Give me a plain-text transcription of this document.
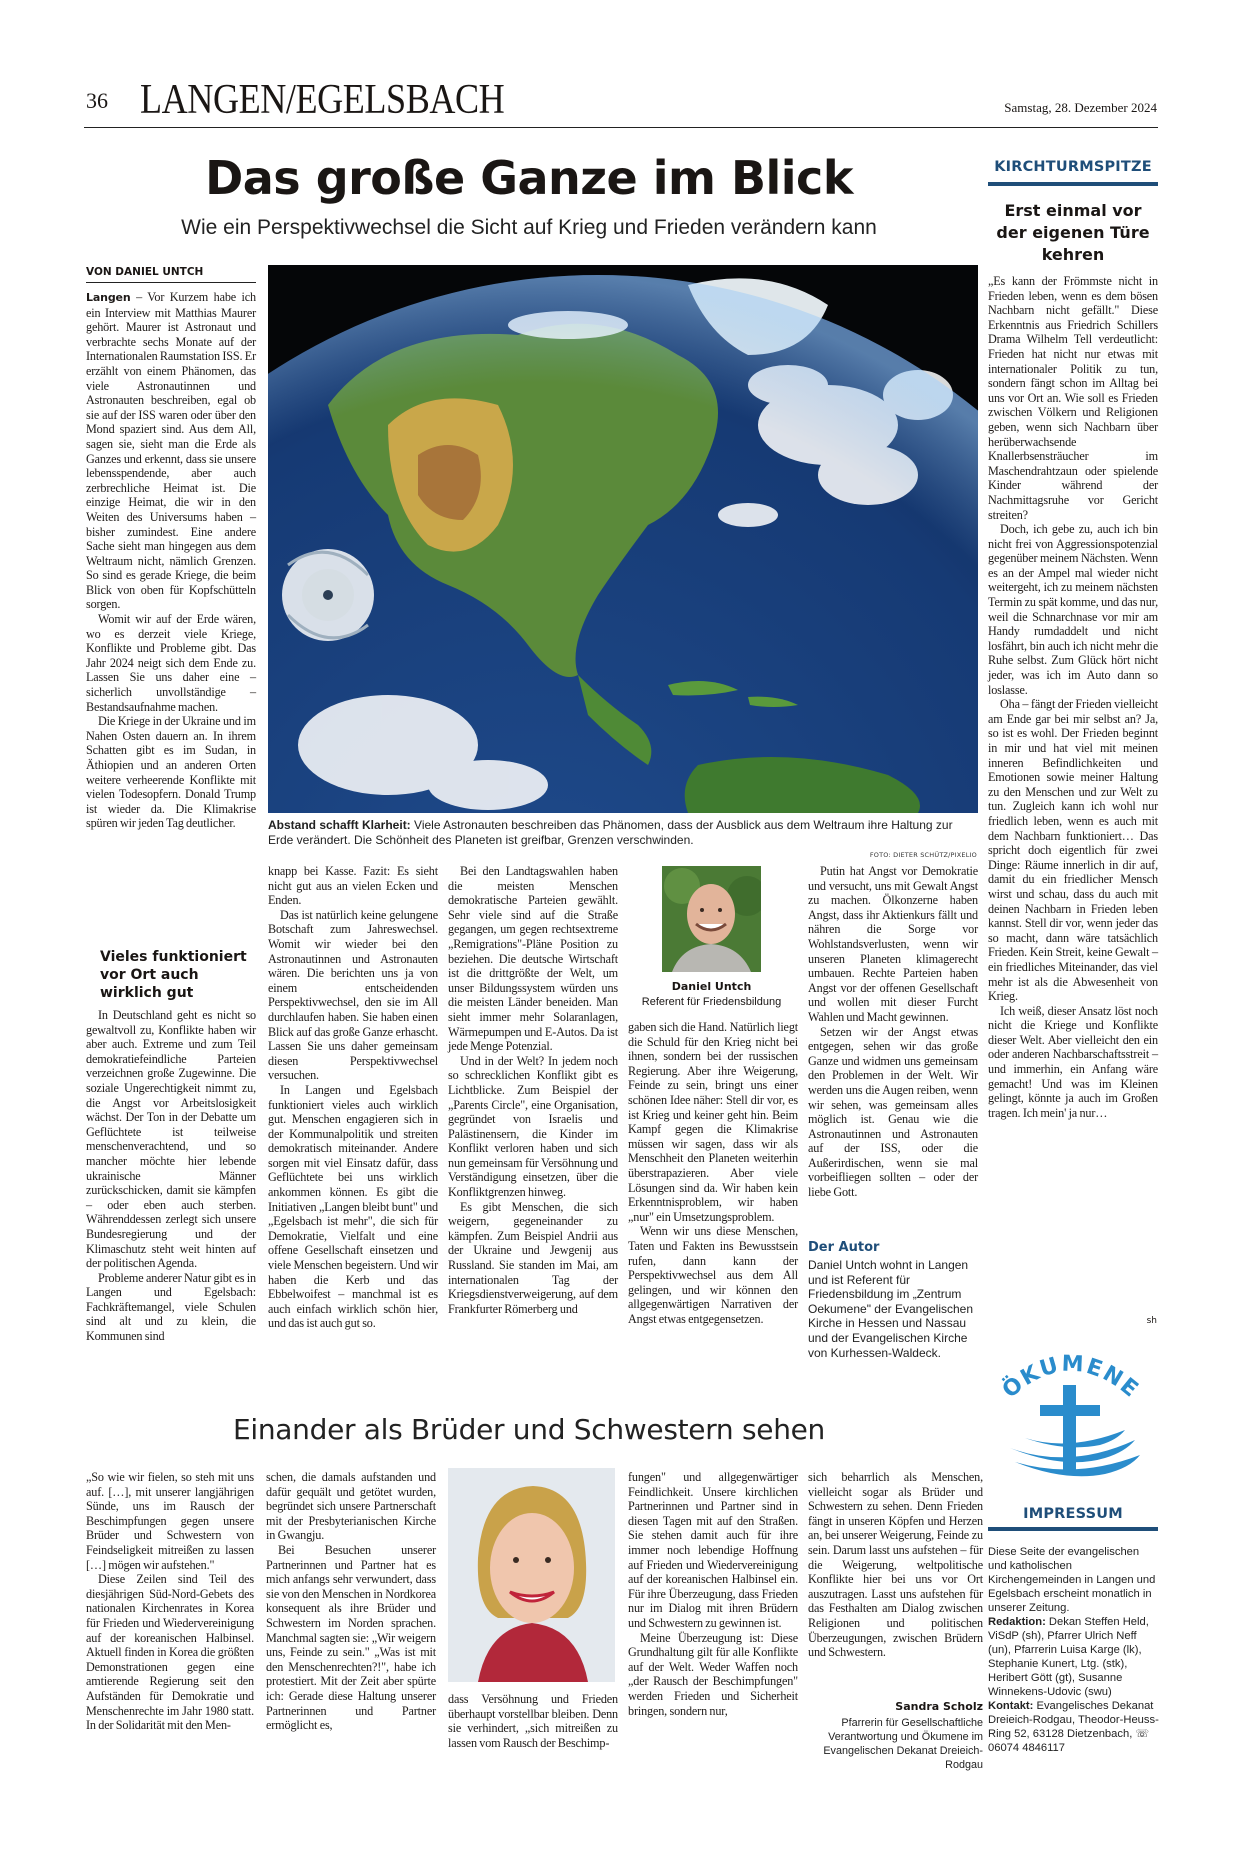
36 LANGEN/EGELSBACH	Samstag, 28. Dezember 2024
Das große Ganze im Blick
Wie ein Perspektivwechsel die Sicht auf Krieg und Frieden verändern kann
VON DANIEL UNTCH

Langen – Vor Kurzem habe ich ein Interview mit Matthias Maurer gehört. Maurer ist Astronaut und verbrachte sechs Monate auf der Internationalen Raumstation ISS. Er erzählt von einem Phänomen, das viele Astronautinnen und Astronauten beschreiben, egal ob sie auf der ISS waren oder über den Mond spaziert sind. Aus dem All, sagen sie, sieht man die Erde als Ganzes und erkennt, dass sie unsere lebensspendende, aber auch zerbrechliche Heimat ist. Die einzige Heimat, die wir in den Weiten des Universums haben – bisher zumindest. Eine andere Sache sieht man hingegen aus dem Weltraum nicht, nämlich Grenzen. So sind es gerade Kriege, die beim Blick von oben für Kopfschütteln sorgen.

Womit wir auf der Erde wären, wo es derzeit viele Kriege, Konflikte und Probleme gibt. Das Jahr 2024 neigt sich dem Ende zu. Lassen Sie uns daher eine – sicherlich unvollständige – Bestandsaufnahme machen.

Die Kriege in der Ukraine und im Nahen Osten dauern an. In ihrem Schatten gibt es im Sudan, in Äthiopien und an anderen Orten weitere verheerende Konflikte mit vielen Todesopfern. Donald Trump ist wieder da. Die Klimakrise spüren wir jeden Tag deutlicher.

Vieles funktioniert vor Ort auch wirklich gut

In Deutschland geht es nicht so gewaltvoll zu, Konflikte haben wir aber auch. Extreme und zum Teil demokratiefeindliche Parteien verzeichnen große Zugewinne. Die soziale Ungerechtigkeit nimmt zu, die Angst vor Arbeitslosigkeit wächst. Der Ton in der Debatte um Geflüchtete ist teilweise menschenverachtend, und so mancher möchte hier lebende ukrainische Männer zurückschicken, damit sie kämpfen – oder eben auch sterben. Währenddessen zerlegt sich unsere Bundesregierung und der Klimaschutz steht weit hinten auf der politischen Agenda.

Probleme anderer Natur gibt es in Langen und Egelsbach: Fachkräftemangel, viele Schulen sind alt und zu klein, die Kommunen sind

Abstand schafft Klarheit: Viele Astronauten beschreiben das Phänomen, dass der Ausblick aus dem Weltraum ihre Haltung zur Erde verändert. Die Schönheit des Planeten ist greifbar, Grenzen verschwinden.
FOTO: DIETER SCHÜTZ/PIXELIO

knapp bei Kasse. Fazit: Es sieht nicht gut aus an vielen Ecken und Enden.

Das ist natürlich keine gelungene Botschaft zum Jahreswechsel. Womit wir wieder bei den Astronautinnen und Astronauten wären. Die berichten uns ja von einem entscheidenden Perspektivwechsel, den sie im All durchlaufen haben. Sie haben einen Blick auf das große Ganze erhascht. Lassen Sie uns daher gemeinsam diesen Perspektivwechsel versuchen.

In Langen und Egelsbach funktioniert vieles auch wirklich gut. Menschen engagieren sich in der Kommunalpolitik und streiten demokratisch miteinander. Andere sorgen mit viel Einsatz dafür, dass Geflüchtete bei uns wirklich ankommen können. Es gibt die Initiativen „Langen bleibt bunt" und „Egelsbach ist mehr", die sich für Demokratie, Vielfalt und eine offene Gesellschaft einsetzen und viele Menschen begeistern. Und wir haben die Kerb und das Ebbelwoifest – manchmal ist es auch einfach wirklich schön hier, und das ist auch gut so.

Bei den Landtagswahlen haben die meisten Menschen demokratische Parteien gewählt. Sehr viele sind auf die Straße gegangen, um gegen rechtsextreme „Remigrations"-Pläne Position zu beziehen. Die deutsche Wirtschaft ist die drittgrößte der Welt, um unser Bildungssystem würden uns die meisten Länder beneiden. Man sieht immer mehr Solaranlagen, Wärmepumpen und E-Autos. Da ist jede Menge Potenzial.

Und in der Welt? In jedem noch so schrecklichen Konflikt gibt es Lichtblicke. Zum Beispiel der „Parents Circle", eine Organisation, gegründet von Israelis und Palästinensern, die Kinder im Konflikt verloren haben und sich nun gemeinsam für Versöhnung und Verständigung einsetzen, über die Konfliktgrenzen hinweg.

Es gibt Menschen, die sich weigern, gegeneinander zu kämpfen. Zum Beispiel Andrii aus der Ukraine und Jewgenij aus Russland. Sie standen im Mai, am internationalen Tag der Kriegsdienstverweigerung, auf dem Frankfurter Römerberg und

Daniel Untch
Referent für Friedensbildung

gaben sich die Hand. Natürlich liegt die Schuld für den Krieg nicht bei ihnen, sondern bei der russischen Regierung. Aber ihre Weigerung, Feinde zu sein, bringt uns einer schönen Idee näher: Stell dir vor, es ist Krieg und keiner geht hin. Beim Kampf gegen die Klimakrise müssen wir sagen, dass wir als Menschheit den Planeten weiterhin überstrapazieren. Aber viele Lösungen sind da. Wir haben kein Erkenntnisproblem, wir haben „nur" ein Umsetzungsproblem.

Wenn wir uns diese Menschen, Taten und Fakten ins Bewusstsein rufen, dann kann der Perspektivwechsel aus dem All gelingen, und wir können den allgegenwärtigen Narrativen der Angst etwas entgegensetzen.

Putin hat Angst vor Demokratie und versucht, uns mit Gewalt Angst zu machen. Ölkonzerne haben Angst, dass ihr Aktienkurs fällt und nähren die Sorge vor Wohlstandsverlusten, wenn wir unseren Planeten klimagerecht umbauen. Rechte Parteien haben Angst vor der offenen Gesellschaft und wollen mit dieser Furcht Wahlen und Macht gewinnen.

Setzen wir der Angst etwas entgegen, sehen wir das große Ganze und widmen uns gemeinsam den Problemen in der Welt. Wir werden uns die Augen reiben, wenn wir sehen, was gemeinsam alles möglich ist. Genau wie die Astronautinnen und Astronauten auf der ISS, oder die Außerirdischen, wenn sie mal vorbeifliegen sollten – oder der liebe Gott.

Der Autor
Daniel Untch wohnt in Langen und ist Referent für Friedensbildung im „Zentrum Oekumene" der Evangelischen Kirche in Hessen und Nassau und der Evangelischen Kirche von Kurhessen-Waldeck.
KIRCHTURMSPITZE
Erst einmal vor der eigenen Türe kehren

„Es kann der Frömmste nicht in Frieden leben, wenn es dem bösen Nachbarn nicht gefällt." Diese Erkenntnis aus Friedrich Schillers Drama Wilhelm Tell verdeutlicht: Frieden hat nicht nur etwas mit internationaler Politik zu tun, sondern fängt schon im Alltag bei uns vor Ort an. Wie soll es Frieden zwischen Völkern und Religionen geben, wenn sich Nachbarn über herüberwachsende Knallerbsensträucher im Maschendrahtzaun oder spielende Kinder während der Nachmittagsruhe vor Gericht streiten?

Doch, ich gebe zu, auch ich bin nicht frei von Aggressionspotenzial gegenüber meinem Nächsten. Wenn es an der Ampel mal wieder nicht weitergeht, ich zu meinem nächsten Termin zu spät komme, und das nur, weil die Schnarchnase vor mir am Handy rumdaddelt und nicht losfährt, bin auch ich nicht mehr die Ruhe selbst. Zum Glück hört nicht jeder, was ich im Auto dann so loslasse.

Oha – fängt der Frieden vielleicht am Ende gar bei mir selbst an? Ja, so ist es wohl. Der Frieden beginnt in mir und hat viel mit meinen inneren Befindlichkeiten und Emotionen sowie meiner Haltung zu den Menschen und zur Welt zu tun. Zugleich kann ich wohl nur friedlich leben, wenn es auch mit dem Nachbarn funktioniert… Das spricht doch eigentlich für zwei Dinge: Räume innerlich in dir auf, damit du ein friedlicher Mensch wirst und schau, dass du auch mit deinen Nachbarn in Frieden leben kannst. Stell dir vor, wenn jeder das so macht, dann wäre tatsächlich Frieden. Kein Streit, keine Gewalt – ein friedliches Miteinander, das viel mehr ist als die Abwesenheit von Krieg.

Ich weiß, dieser Ansatz löst noch nicht die Kriege und Konflikte dieser Welt. Aber vielleicht den ein oder anderen Nachbarschaftsstreit – und immerhin, ein Anfang wäre gemacht! Und was im Kleinen gelingt, könnte ja auch im Großen tragen. Ich mein' ja nur…

sh
ÖKUMENE
IMPRESSUM
Diese Seite der evangelischen und katholischen Kirchengemeinden in Langen und Egelsbach erscheint monatlich in unserer Zeitung.
Redaktion: Dekan Steffen Held, ViSdP (sh), Pfarrer Ulrich Neff (un), Pfarrerin Luisa Karge (lk), Stephanie Kunert, Ltg. (stk), Heribert Gött (gt), Susanne Winnekens-Udovic (swu)
Kontakt: Evangelisches Dekanat Dreieich-Rodgau, Theodor-Heuss-Ring 52, 63128 Dietzenbach, ☏ 06074 4846117
Einander als Brüder und Schwestern sehen

„So wie wir fielen, so steh mit uns auf. […], mit unserer langjährigen Sünde, uns im Rausch der Beschimpfungen gegen unsere Brüder und Schwestern von Feindseligkeit mitreißen zu lassen […] mögen wir aufstehen."

Diese Zeilen sind Teil des diesjährigen Süd-Nord-Gebets des nationalen Kirchenrates in Korea für Frieden und Wiedervereinigung auf der koreanischen Halbinsel. Aktuell finden in Korea die größten Demonstrationen gegen eine amtierende Regierung seit den Aufständen für Demokratie und Menschenrechte im Jahr 1980 statt. In der Solidarität mit den Men-

schen, die damals aufstanden und dafür gequält und getötet wurden, begründet sich unsere Partnerschaft mit der Presbyterianischen Kirche in Gwangju.

Bei Besuchen unserer Partnerinnen und Partner hat es mich anfangs sehr verwundert, dass sie von den Menschen in Nordkorea konsequent als ihre Brüder und Schwestern im Norden sprachen. Manchmal sagten sie: „Wir weigern uns, Feinde zu sein." „Was ist mit den Menschenrechten?!", habe ich protestiert. Mit der Zeit aber spürte ich: Gerade diese Haltung unserer Partnerinnen und Partner ermöglicht es,

dass Versöhnung und Frieden überhaupt vorstellbar bleiben. Denn sie verhindert, „sich mitreißen zu lassen vom Rausch der Beschimp-

fungen" und allgegenwärtiger Feindlichkeit. Unsere kirchlichen Partnerinnen und Partner sind in diesen Tagen mit auf den Straßen. Sie stehen damit auch für ihre immer noch lebendige Hoffnung auf Frieden und Wiedervereinigung auf der koreanischen Halbinsel ein. Für ihre Überzeugung, dass Frieden nur im Dialog mit ihren Brüdern und Schwestern zu gewinnen ist.

Meine Überzeugung ist: Diese Grundhaltung gilt für alle Konflikte auf der Welt. Weder Waffen noch „der Rausch der Beschimpfungen" werden Frieden und Sicherheit bringen, sondern nur,

sich beharrlich als Menschen, vielleicht sogar als Brüder und Schwestern zu sehen. Denn Frieden fängt in unseren Köpfen und Herzen an, bei unserer Weigerung, Feinde zu sein. Darum lasst uns aufstehen – für die Weigerung, weltpolitische Konflikte hier bei uns vor Ort auszutragen. Lasst uns aufstehen für das Festhalten am Dialog zwischen Religionen und politischen Überzeugungen, zwischen Brüdern und Schwestern.

Sandra Scholz
Pfarrerin für Gesellschaftliche Verantwortung und Ökumene im Evangelischen Dekanat Dreieich-Rodgau
